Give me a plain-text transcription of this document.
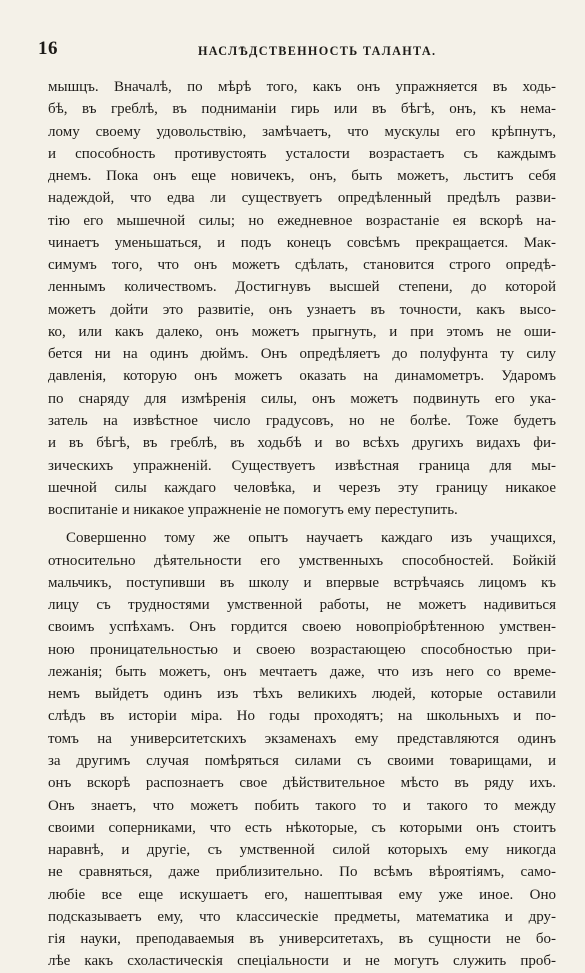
16	НАСЛѢДСТВЕННОСТЬ ТАЛАНТА.
мышцъ. Вначалѣ, по мѣрѣ того, какъ онъ упражняется въ ходь-
бѣ, въ греблѣ, въ подниманіи гирь или въ бѣгѣ, онъ, къ нема-
лому своему удовольствію, замѣчаетъ, что мускулы его крѣпнутъ,
и способность противустоять усталости возрастаетъ съ каждымъ
днемъ. Пока онъ еще новичекъ, онъ, быть можетъ, льститъ себя
надеждой, что едва ли существуетъ опредѣленный предѣлъ разви-
тію его мышечной силы; но ежедневное возрастаніе ея вскорѣ на-
чинаетъ уменьшаться, и подъ конецъ совсѣмъ прекращается. Мак-
симумъ того, что онъ можетъ сдѣлать, становится строго опредѣ-
леннымъ количествомъ. Достигнувъ высшей степени, до которой
можетъ дойти это развитіе, онъ узнаетъ въ точности, какъ высо-
ко, или какъ далеко, онъ можетъ прыгнуть, и при этомъ не оши-
бется ни на одинъ дюймъ. Онъ опредѣляетъ до полуфунта ту силу
давленія, которую онъ можетъ оказать на динамометръ. Ударомъ
по снаряду для измѣренія силы, онъ можетъ подвинуть его ука-
затель на извѣстное число градусовъ, но не болѣе. Тоже будетъ
и въ бѣгѣ, въ греблѣ, въ ходьбѣ и во всѣхъ другихъ видахъ фи-
зическихъ упражненій. Существуетъ извѣстная граница для мы-
шечной силы каждаго человѣка, и черезъ эту границу никакое
воспитаніе и никакое упражненіе не помогутъ ему переступить.
Совершенно тому же опытъ научаетъ каждаго изъ учащихся,
относительно дѣятельности его умственныхъ способностей. Бойкій
мальчикъ, поступивши въ школу и впервые встрѣчаясь лицомъ къ
лицу съ трудностями умственной работы, не можетъ надивиться
своимъ успѣхамъ. Онъ гордится своею новопріобрѣтенною умствен-
ною проницательностью и своею возрастающею способностью при-
лежанія; быть можетъ, онъ мечтаетъ даже, что изъ него со време-
немъ выйдетъ одинъ изъ тѣхъ великихъ людей, которые оставили
слѣдъ въ исторіи міра. Но годы проходятъ; на школьныхъ и по-
томъ на университетскихъ экзаменахъ ему представляются одинъ
за другимъ случая помѣряться силами съ своими товарищами, и
онъ вскорѣ распознаетъ свое дѣйствительное мѣсто въ ряду ихъ.
Онъ знаетъ, что можетъ побить такого то и такого то между
своими соперниками, что есть нѣкоторые, съ которыми онъ стоитъ
наравнѣ, и другіе, съ умственной силой которыхъ ему никогда
не сравняться, даже приблизительно. По всѣмъ вѣроятіямъ, само-
любіе все еще искушаетъ его, нашептывая ему уже иное. Оно
подсказываетъ ему, что классическіе предметы, математика и дру-
гія науки, преподаваемыя въ университетахъ, въ сущности не бо-
лѣе какъ схоластическія спеціальности и не могутъ служить проб-
